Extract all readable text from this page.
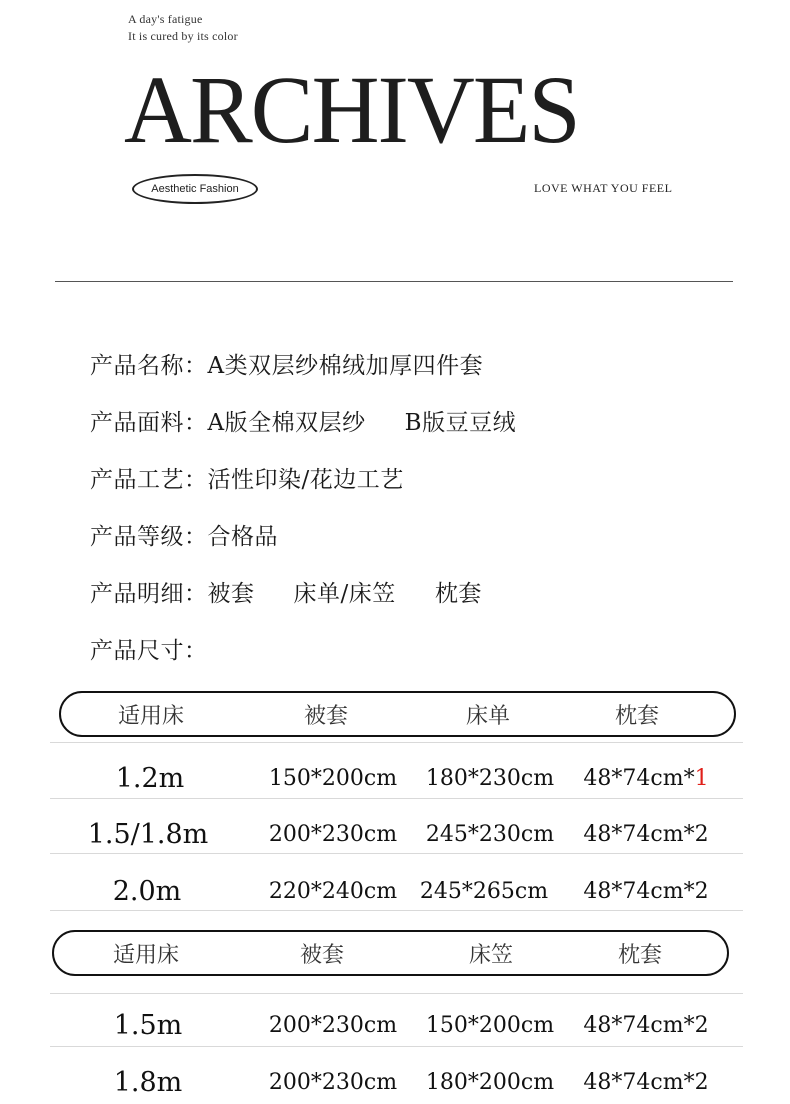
A day's fatigue
It is cured by its color
ARCHIVES
Aesthetic Fashion	LOVE WHAT YOU FEEL
产品名称：A类双层纱棉绒加厚四件套
产品面料：A版全棉双层纱     B版豆豆绒
产品工艺：活性印染/花边工艺
产品等级：合格品
产品明细：被套     床单/床笠     枕套
产品尺寸：
适用床	被套	床单	枕套
1.2m	150*200cm 180*230cm 48*74cm*1
1.5/1.8m	200*230cm 245*230cm 48*74cm*2
2.0m	220*240cm 245*265cm 48*74cm*2
适用床	被套	床笠	枕套
1.5m	200*230cm 150*200cm 48*74cm*2
1.8m	200*230cm 180*200cm 48*74cm*2
